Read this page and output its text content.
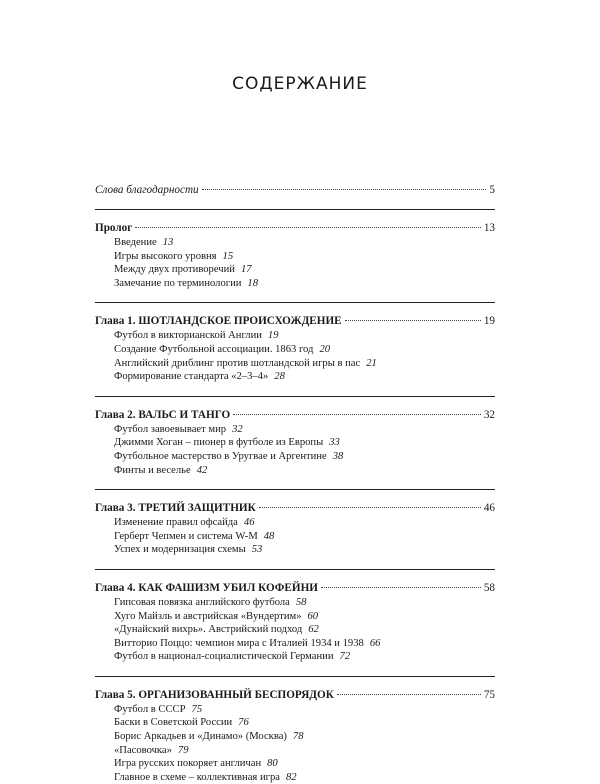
СОДЕРЖАНИЕ
Слова благодарности	5
Пролог	13
Введение 13
Игры высокого уровня 15
Между двух противоречий 17
Замечание по терминологии 18
Глава 1. ШОТЛАНДСКОЕ ПРОИСХОЖДЕНИЕ	19
Футбол в викторианской Англии 19
Создание Футбольной ассоциации. 1863 год 20
Английский дриблинг против шотландской игры в пас 21
Формирование стандарта «2–3–4» 28
Глава 2. ВАЛЬС И ТАНГО	32
Футбол завоевывает мир 32
Джимми Хоган – пионер в футболе из Европы 33
Футбольное мастерство в Уругвае и Аргентине 38
Финты и веселье 42
Глава 3. ТРЕТИЙ ЗАЩИТНИК	46
Изменение правил офсайда 46
Герберт Чепмен и система W-M 48
Успех и модернизация схемы 53
Глава 4. КАК ФАШИЗМ УБИЛ КОФЕЙНИ	58
Гипсовая повязка английского футбола 58
Хуго Майзль и австрийская «Вундертим» 60
«Дунайский вихрь». Австрийский подход 62
Витторио Поццо: чемпион мира с Италией 1934 и 1938 66
Футбол в национал-социалистической Германии 72
Глава 5. ОРГАНИЗОВАННЫЙ БЕСПОРЯДОК	75
Футбол в СССР 75
Баски в Советской России 76
Борис Аркадьев и «Динамо» (Москва) 78
«Пасовочка» 79
Игра русских покоряет англичан 80
Главное в схеме – коллективная игра 82
